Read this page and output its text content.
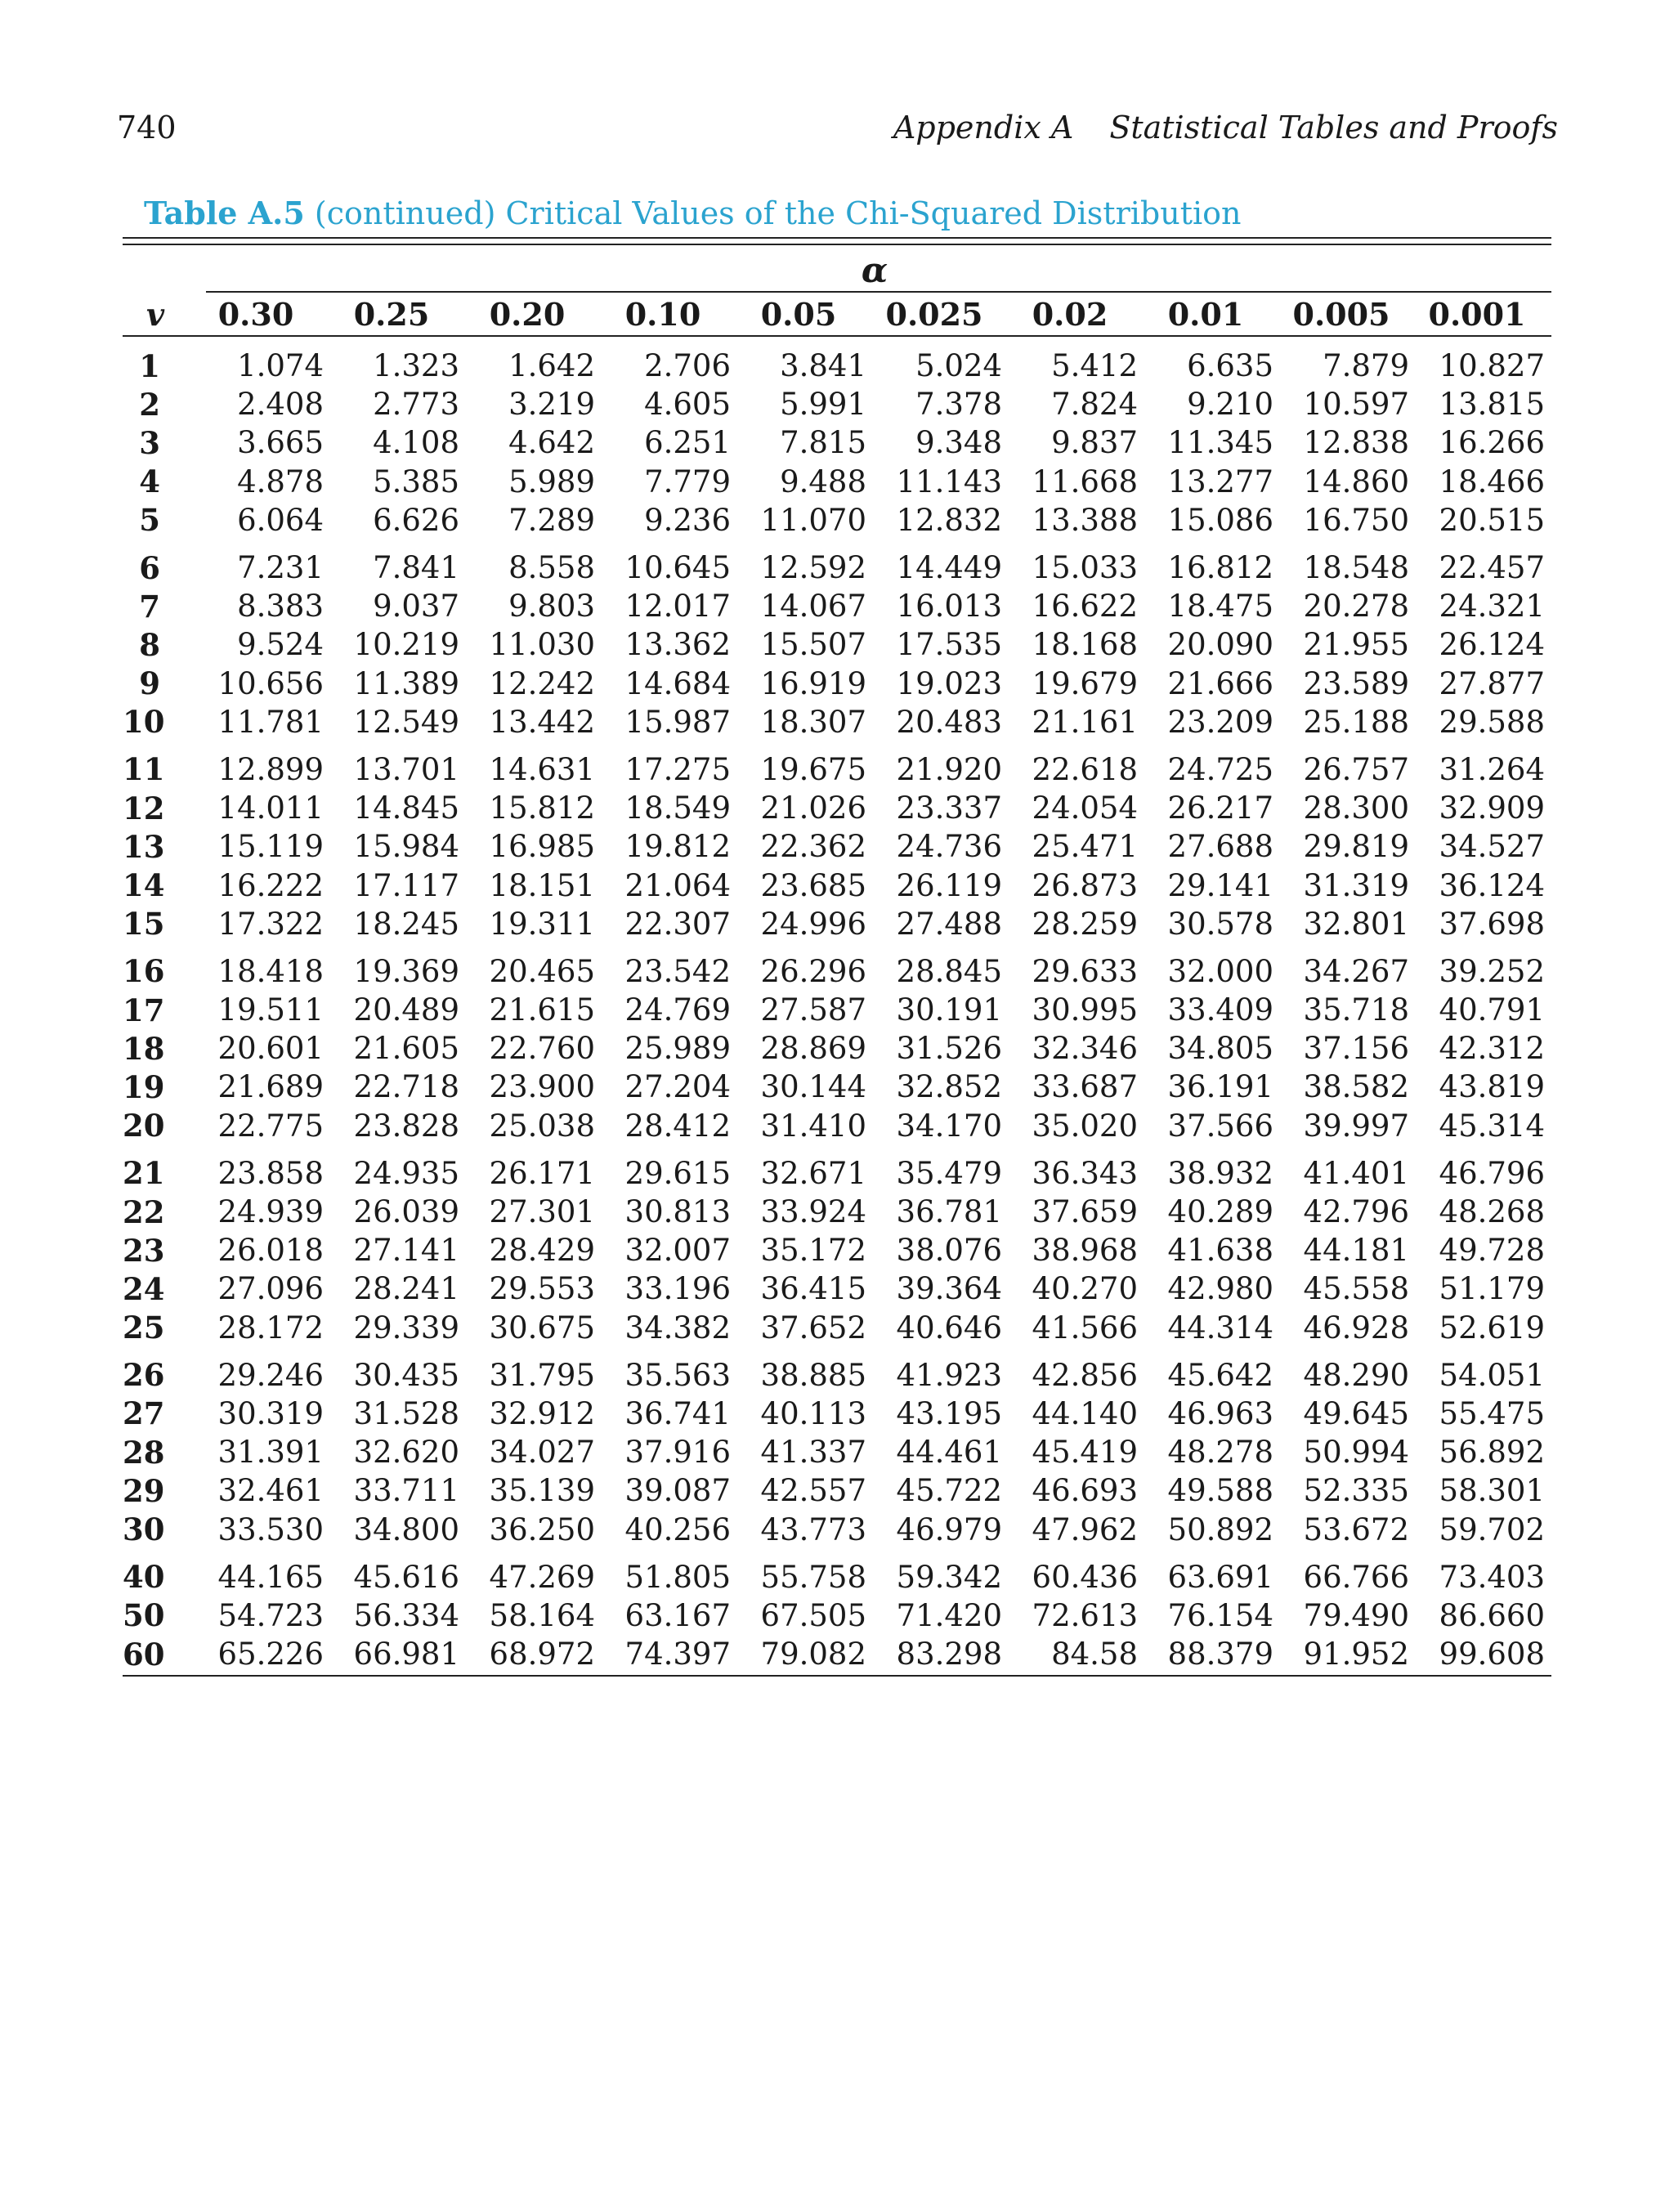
740	Appendix A Statistical Tables and Proofs
Table A.5 (continued) Critical Values of the Chi-Squared Distribution
α
v	0.30	0.25	0.20	0.10	0.05	0.025	0.02	0.01	0.005	0.001
1	1.074	1.323	1.642	2.706	3.841	5.024	5.412	6.635	7.879 10.827
2	2.408	2.773	3.219	4.605	5.991	7.378	7.824	9.210 10.597 13.815
3	3.665	4.108	4.642	6.251	7.815	9.348	9.837 11.345 12.838 16.266
4	4.878	5.385	5.989	7.779	9.488 11.143 11.668 13.277 14.860 18.466
5	6.064	6.626	7.289	9.236 11.070 12.832 13.388 15.086 16.750 20.515
6	7.231	7.841	8.558 10.645 12.592 14.449 15.033 16.812 18.548 22.457
7	8.383	9.037	9.803 12.017 14.067 16.013 16.622 18.475 20.278 24.321
8	9.524 10.219 11.030 13.362 15.507 17.535 18.168 20.090 21.955 26.124
9	10.656 11.389 12.242 14.684 16.919 19.023 19.679 21.666 23.589 27.877
10	11.781 12.549 13.442 15.987 18.307 20.483 21.161 23.209 25.188 29.588
11	12.899 13.701 14.631 17.275 19.675 21.920 22.618 24.725 26.757 31.264
12	14.011 14.845 15.812 18.549 21.026 23.337 24.054 26.217 28.300 32.909
13	15.119 15.984 16.985 19.812 22.362 24.736 25.471 27.688 29.819 34.527
14	16.222 17.117 18.151 21.064 23.685 26.119 26.873 29.141 31.319 36.124
15	17.322 18.245 19.311 22.307 24.996 27.488 28.259 30.578 32.801 37.698
16	18.418 19.369 20.465 23.542 26.296 28.845 29.633 32.000 34.267 39.252
17	19.511 20.489 21.615 24.769 27.587 30.191 30.995 33.409 35.718 40.791
18	20.601 21.605 22.760 25.989 28.869 31.526 32.346 34.805 37.156 42.312
19	21.689 22.718 23.900 27.204 30.144 32.852 33.687 36.191 38.582 43.819
20	22.775 23.828 25.038 28.412 31.410 34.170 35.020 37.566 39.997 45.314
21	23.858 24.935 26.171 29.615 32.671 35.479 36.343 38.932 41.401 46.796
22	24.939 26.039 27.301 30.813 33.924 36.781 37.659 40.289 42.796 48.268
23	26.018 27.141 28.429 32.007 35.172 38.076 38.968 41.638 44.181 49.728
24	27.096 28.241 29.553 33.196 36.415 39.364 40.270 42.980 45.558 51.179
25	28.172 29.339 30.675 34.382 37.652 40.646 41.566 44.314 46.928 52.619
26	29.246 30.435 31.795 35.563 38.885 41.923 42.856 45.642 48.290 54.051
27	30.319 31.528 32.912 36.741 40.113 43.195 44.140 46.963 49.645 55.475
28	31.391 32.620 34.027 37.916 41.337 44.461 45.419 48.278 50.994 56.892
29	32.461 33.711 35.139 39.087 42.557 45.722 46.693 49.588 52.335 58.301
30	33.530 34.800 36.250 40.256 43.773 46.979 47.962 50.892 53.672 59.702
40	44.165 45.616 47.269 51.805 55.758 59.342 60.436 63.691 66.766 73.403
50	54.723 56.334 58.164 63.167 67.505 71.420 72.613 76.154 79.490 86.660
60	65.226 66.981 68.972 74.397 79.082 83.298	84.58 88.379 91.952 99.608
